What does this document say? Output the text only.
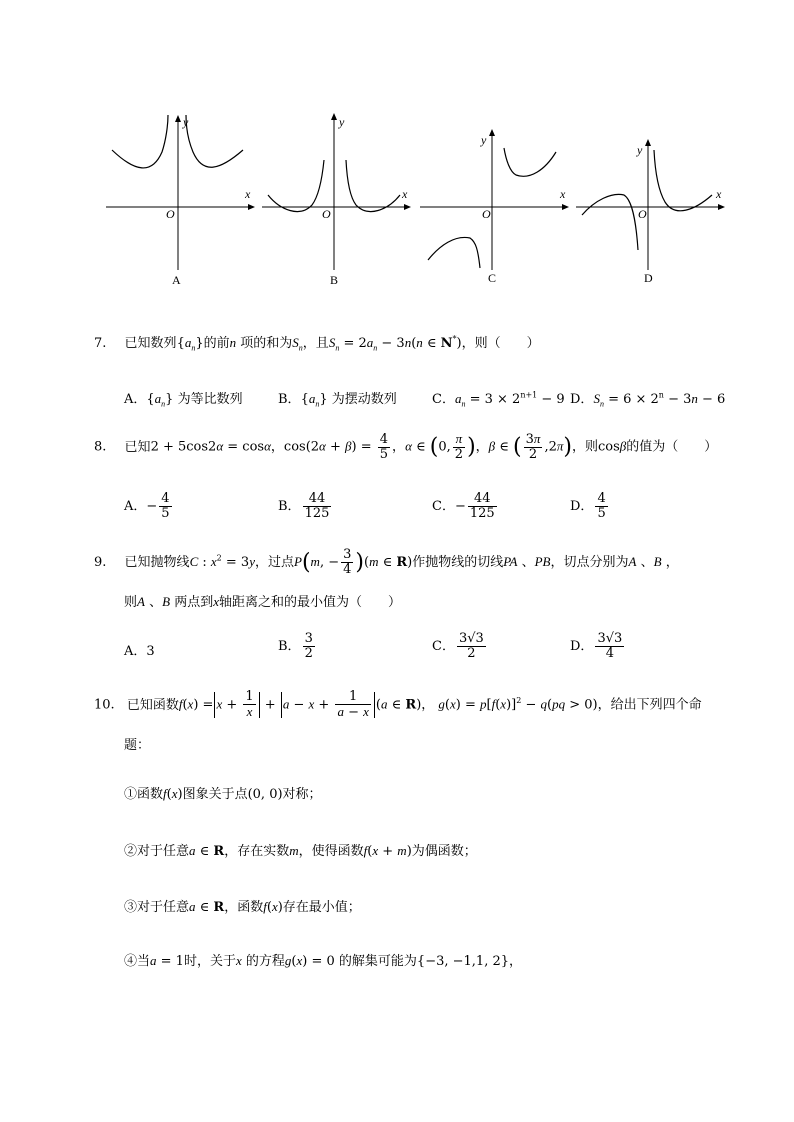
x
y
O
A
x
y
O
B
x
y
O
C
x
y
O
D
7. 已知数列$\{a_n\}$的前n 项的和为$S_n$，且$S_n = 2a_n - 3n(n$ ∈ N*)，则（　　）
A．$\{a_n\}$ 为等比数列	B．$\{a_n\}$ 为摆动数列	C．$a_n = 3 \times 2^{n+1} - 9$ D．$S_n = 6 \times 2^n - 3n - 6$
8. 已知2 + 5cos2α = cosα，$\cos(2\alpha + \beta) = \frac{4}{5}$ ，α ∈ (0, $\frac{\pi}{2}$ )，β ∈ ( $\frac{3\pi}{2} ,2\pi$)，则cosβ的值为（　　）
A．− $\frac{4}{5}$	B． $\frac{44}{125}$	C．− $\frac{44}{125}$	D． $\frac{4}{5}$
9. 已知抛物线C : $x^2 = 3y$，过点P(m, − $\frac{3}{4} )(m$ ∈ R)作抛物线的切线PA 、PB，切点分别为A 、B ，
则A 、B 两点到x轴距离之和的最小值为（　　）
A．3	B． $\frac{3}{2}$	C． $\frac{3√3}{2}$	D． $\frac{3√3}{4}$
10. 已知函数$f(x) = x + \frac{1}{x} + a - x + \frac{1}{a - x} (a$ ∈ R)， $g(x) = p[f(x)]^2 - q(pq > 0)$，给出下列四个命
题：
①函数f(x)图象关于点(0, 0)对称；
②对于任意a ∈ R，存在实数m，使得函数f(x + m)为偶函数；
③对于任意a ∈ R，函数f(x)存在最小值；
④当a = 1时，关于x 的方程g(x) = 0 的解集可能为{−3, −1,1, 2}，
